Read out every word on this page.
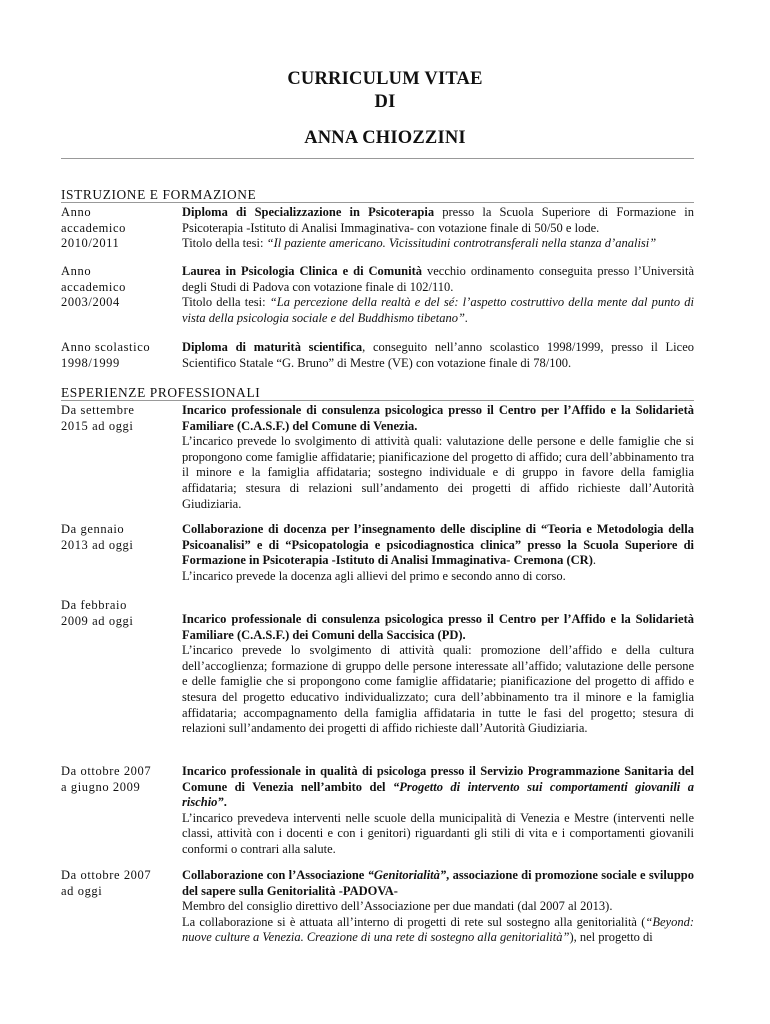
CURRICULUM VITAE
DI
ANNA CHIOZZINI
ISTRUZIONE E FORMAZIONE
Anno
accademico
2010/2011

Diploma di Specializzazione in Psicoterapia presso la Scuola Superiore di Formazione in Psicoterapia -Istituto di Analisi Immaginativa- con votazione finale di 50/50 e lode.

Titolo della tesi: “Il paziente americano. Vicissitudini controtransferali nella stanza d’analisi”

Anno
accademico
2003/2004

Laurea in Psicologia Clinica e di Comunità vecchio ordinamento conseguita presso l’Università degli Studi di Padova con votazione finale di 102/110.

Titolo della tesi: “La percezione della realtà e del sé: l’aspetto costruttivo della mente dal punto di vista della psicologia sociale e del Buddhismo tibetano”.

Anno scolastico
1998/1999

Diploma di maturità scientifica, conseguito nell’anno scolastico 1998/1999, presso il Liceo Scientifico Statale “G. Bruno” di Mestre (VE) con votazione finale di 78/100.

ESPERIENZE PROFESSIONALI
Da settembre
2015 ad oggi

Incarico professionale di consulenza psicologica presso il Centro per l’Affido e la Solidarietà Familiare (C.A.S.F.) del Comune di Venezia.

L’incarico prevede lo svolgimento di attività quali: valutazione delle persone e delle famiglie che si propongono come famiglie affidatarie; pianificazione del progetto di affido; cura dell’abbinamento tra il minore e la famiglia affidataria; sostegno individuale e di gruppo in favore della famiglia affidataria; stesura di relazioni sull’andamento dei progetti di affido richieste dall’Autorità Giudiziaria.

Da gennaio
2013 ad oggi

Collaborazione di docenza per l’insegnamento delle discipline di “Teoria e Metodologia della Psicoanalisi” e di “Psicopatologia e psicodiagnostica clinica” presso la Scuola Superiore di Formazione in Psicoterapia -Istituto di Analisi Immaginativa- Cremona (CR).

L’incarico prevede la docenza agli allievi del primo e secondo anno di corso.

Da febbraio
2009 ad oggi	Incarico professionale di consulenza psicologica presso il Centro per l’Affido e la Solidarietà Familiare (C.A.S.F.) dei Comuni della Saccisica (PD).

L’incarico prevede lo svolgimento di attività quali: promozione dell’affido e della cultura dell’accoglienza; formazione di gruppo delle persone interessate all’affido; valutazione delle persone e delle famiglie che si propongono come famiglie affidatarie; pianificazione del progetto di affido e stesura del progetto educativo individualizzato; cura dell’abbinamento tra il minore e la famiglia affidataria; accompagnamento della famiglia affidataria in tutte le fasi del progetto; stesura di relazioni sull’andamento dei progetti di affido richieste dall’Autorità Giudiziaria.

Da ottobre 2007
a giugno 2009

Incarico professionale in qualità di psicologa presso il Servizio Programmazione Sanitaria del Comune di Venezia nell’ambito del “Progetto di intervento sui comportamenti giovanili a rischio”.

L’incarico prevedeva interventi nelle scuole della municipalità di Venezia e Mestre (interventi nelle classi, attività con i docenti e con i genitori) riguardanti gli stili di vita e i comportamenti giovanili conformi o contrari alla salute.

Da ottobre 2007
ad oggi

Collaborazione con l’Associazione “Genitorialità”, associazione di promozione sociale e sviluppo del sapere sulla Genitorialità -PADOVA-

Membro del consiglio direttivo dell’Associazione per due mandati (dal 2007 al 2013).

La collaborazione si è attuata all’interno di progetti di rete sul sostegno alla genitorialità (“Beyond: nuove culture a Venezia. Creazione di una rete di sostegno alla genitorialità”), nel progetto di
